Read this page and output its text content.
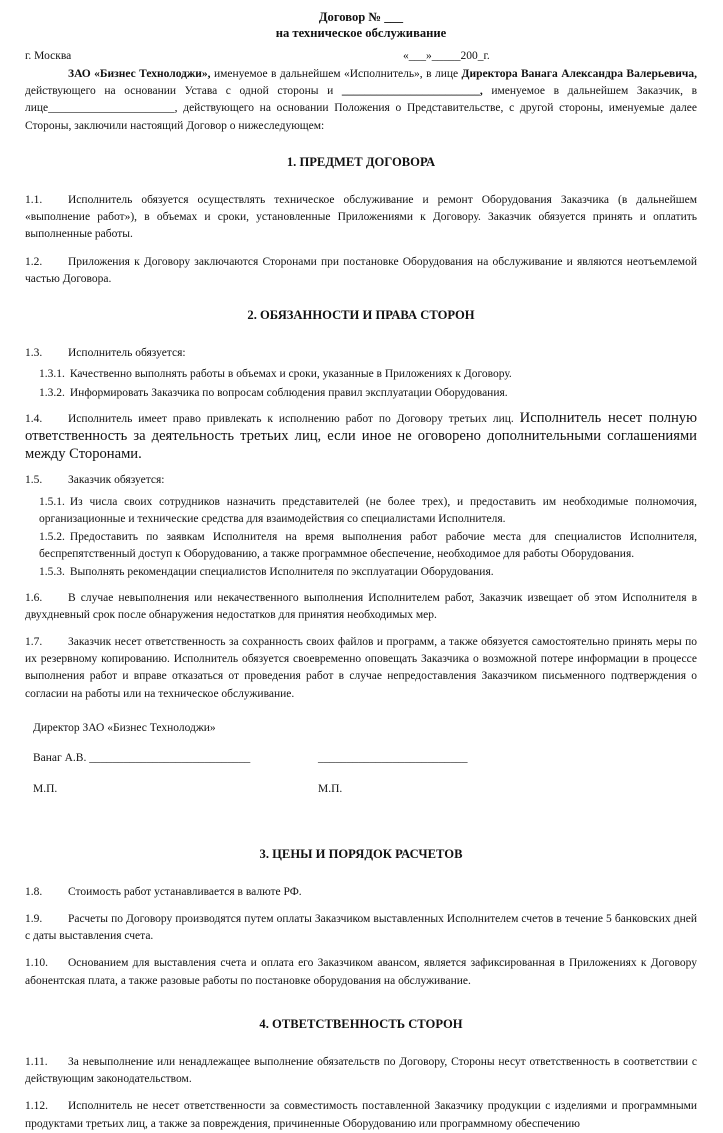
Договор № ___
на техническое обслуживание
г. Москва	«___»_____200_г.

ЗАО «Бизнес Технолоджи», именуемое в дальнейшем «Исполнитель», в лице Директора Ванага Александра Валерьевича, действующего на основании Устава с одной стороны и ________________________, именуемое в дальнейшем Заказчик, в лице______________________, действующего на основании Положения о Представительстве, с другой стороны, именуемые далее Стороны, заключили настоящий Договор о нижеследующем:

1. ПРЕДМЕТ ДОГОВОРА

1.1. Исполнитель обязуется осуществлять техническое обслуживание и ремонт Оборудования Заказчика (в дальнейшем «выполнение работ»), в объемах и сроки, установленные Приложениями к Договору. Заказчик обязуется принять и оплатить выполненные работы.

1.2. Приложения к Договору заключаются Сторонами при постановке Оборудования на обслуживание и являются неотъемлемой частью Договора.

2. ОБЯЗАННОСТИ И ПРАВА СТОРОН

1.3. Исполнитель обязуется:

1.3.1. Качественно выполнять работы в объемах и сроки, указанные в Приложениях к Договору.

1.3.2. Информировать Заказчика по вопросам соблюдения правил эксплуатации Оборудования.

1.4. Исполнитель имеет право привлекать к исполнению работ по Договору третьих лиц. Исполнитель несет полную ответственность за деятельность третьих лиц, если иное не оговорено дополнительными соглашениями между Сторонами.

1.5. Заказчик обязуется:

1.5.1. Из числа своих сотрудников назначить представителей (не более трех), и предоставить им необходимые полномочия, организационные и технические средства для взаимодействия со специалистами Исполнителя.

1.5.2. Предоставить по заявкам Исполнителя на время выполнения работ рабочие места для специалистов Исполнителя, беспрепятственный доступ к Оборудованию, а также программное обеспечение, необходимое для работы Оборудования.

1.5.3. Выполнять рекомендации специалистов Исполнителя по эксплуатации Оборудования.

1.6. В случае невыполнения или некачественного выполнения Исполнителем работ, Заказчик извещает об этом Исполнителя в двухдневный срок после обнаружения недостатков для принятия необходимых мер.

1.7. Заказчик несет ответственность за сохранность своих файлов и программ, а также обязуется самостоятельно принять меры по их резервному копированию. Исполнитель обязуется своевременно оповещать Заказчика о возможной потере информации в процессе выполнения работ и вправе отказаться от проведения работ в случае непредоставления Заказчиком письменного подтверждения о согласии на работы или на техническое обслуживание.

Директор ЗАО «Бизнес Технолоджи»

Ванаг А.В. ____________________________	__________________________
М.П.	М.П.
3. ЦЕНЫ И ПОРЯДОК РАСЧЕТОВ

1.8. Стоимость работ устанавливается в валюте РФ.

1.9. Расчеты по Договору производятся путем оплаты Заказчиком выставленных Исполнителем счетов в течение 5 банковских дней с даты выставления счета.

1.10. Основанием для выставления счета и оплата его Заказчиком авансом, является зафиксированная в Приложениях к Договору абонентская плата, а также разовые работы по постановке оборудования на обслуживание.

4. ОТВЕТСТВЕННОСТЬ СТОРОН

1.11. За невыполнение или ненадлежащее выполнение обязательств по Договору, Стороны несут ответственность в соответствии с действующим законодательством.

1.12. Исполнитель не несет ответственности за совместимость поставленной Заказчику продукции с изделиями и программными продуктами третьих лиц, а также за повреждения, причиненные Оборудованию или программному обеспечению
